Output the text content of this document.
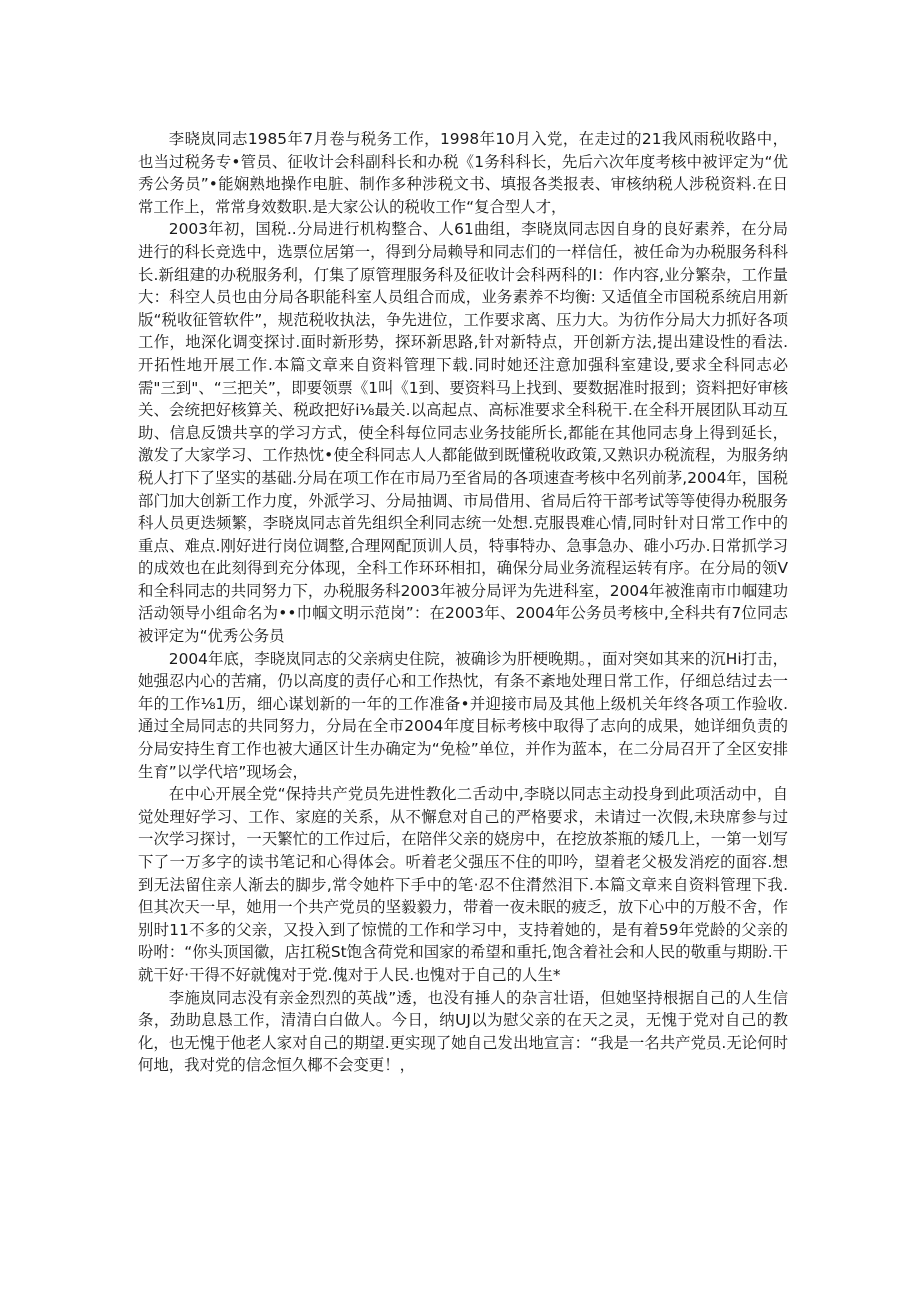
李晓岚同志1985年7月卷与税务工作，1998年10月入党，在走过的21我风雨税收路中，也当过税务专•管员、征收计会科副科长和办税《1务科科长，先后六次年度考核中被评定为“优秀公务员”•能娴熟地操作电脏、制作多种涉税文书、填报各类报表、审核纳税人涉税资料.在日常工作上，常常身效数职.是大家公认的税收工作“复合型人才，

2003年初，国税..分局进行机构整合、人61曲组，李晓岚同志因自身的良好素养，在分局进行的科长竞选中，选票位居第一，得到分局赖导和同志们的一样信任，被任命为办税服务科科长.新组建的办税服务利，仃集了原管理服务科及征收计会科两科的I：作内容,业分繁杂，工作量大：科空人员也由分局各职能科室人员组合而成，业务素养不均衡: 又适值全市国税系统启用新版“税收征管软件”，规范税收执法，争先进位，工作要求离、压力大。为彷作分局大力抓好各项工作，地深化调变探讨.面时新形势，探环新思路,针对新特点，开创新方法,提出建设性的看法.开拓性地开展工作.本篇文章来自资料管理下载.同时她还注意加强科室建设,要求全科同志必需"三到"、“三把关”，即要领票《1叫《1到、要资料马上找到、要数据准时报到；资料把好审核关、会统把好核算关、税政把好i⅛最关.以高起点、高标准要求全科税干.在全科开展团队耳动互助、信息反馈共享的学习方式，使全科每位同志业务技能所长,都能在其他同志身上得到延长，激发了大家学习、工作热忱•使全科同志人人都能做到既懂税收政策,又熟识办税流程，为服务纳税人打下了坚实的基础.分局在项工作在市局乃至省局的各项速查考核中名列前茅,2004年，国税部门加大创新工作力度，外派学习、分局抽调、市局借用、省局后符干部考试等等使得办税服务科人员更迭频繁，李晓岚同志首先组织全利同志统一处想.克服畏难心情,同时针对日常工作中的重点、难点.刚好进行岗位调整,合理网配顶训人员，特事特办、急事急办、碓小巧办.日常抓学习的成效也在此刻得到充分体现，全科工作环环相扣，确保分局业务流程运转有序。在分局的领V和全科同志的共同努力下，办税服务科2003年被分局评为先进科室，2004年被淮南市巾帼建功活动领导小组命名为••巾帼文明示范岗”：在2003年、2004年公务员考核中,全科共有7位同志被评定为“优秀公务员

2004年底，李晓岚同志的父亲病史住院，被确诊为肝梗晚期。，面对突如其来的沉Hi打击，她强忍内心的苦痛，仍以高度的责仔心和工作热忱，有条不紊地处理日常工作，仔细总结过去一年的工作⅛1历，细心谋划新的一年的工作准备•并迎接市局及其他上级机关年终各项工作验收.通过全局同志的共同努力，分局在全市2004年度目标考核中取得了志向的成果，她详细负责的分局安持生育工作也被大通区计生办确定为“免检”单位，并作为蓝本，在二分局召开了全区安排生育”以学代培”现场会，

在中心开展全党“保持共产党员先进性教化二舌动中,李晓以同志主动投身到此项活动中，自觉处理好学习、工作、家庭的关系，从不懈怠对自己的严格要求，未请过一次假,未玦席参与过一次学习探讨，一天繁忙的工作过后，在陪伴父亲的娆房中，在挖放茶瓶的矮几上，一第一划写下了一万多字的读书笔记和心得体会。听着老父强压不住的叩吟，望着老父极发消疙的面容.想到无法留住亲人渐去的脚步,常令她杵下手中的笔·忍不住潸然泪下.本篇文章来自资料管理下我.但其次天一早，她用一个共产党员的坚毅毅力，带着一夜未眠的疲乏，放下心中的万般不舍，作别时11不多的父亲，又投入到了惊慌的工作和学习中，支持着她的，是有着59年党龄的父亲的吩咐：“你头顶国徽，店扛税St饱含荷党和国家的希望和重托,饱含着社会和人民的敬重与期盼.干就干好·干得不好就傀对于党.傀对于人民.也愧对于自己的人生*

李施岚同志没有亲金烈烈的英战”透，也没有捶人的杂言壮语，但她坚持根据自己的人生信条，劲助息恳工作，清清白白做人。今日，纳UJ以为慰父亲的在天之灵，无愧于党对自己的教化，也无愧于他老人家对自己的期望.更实现了她自己发出地宣言：“我是一名共产党员.无论何时何地，我对党的信念恒久椰不会变更！，
